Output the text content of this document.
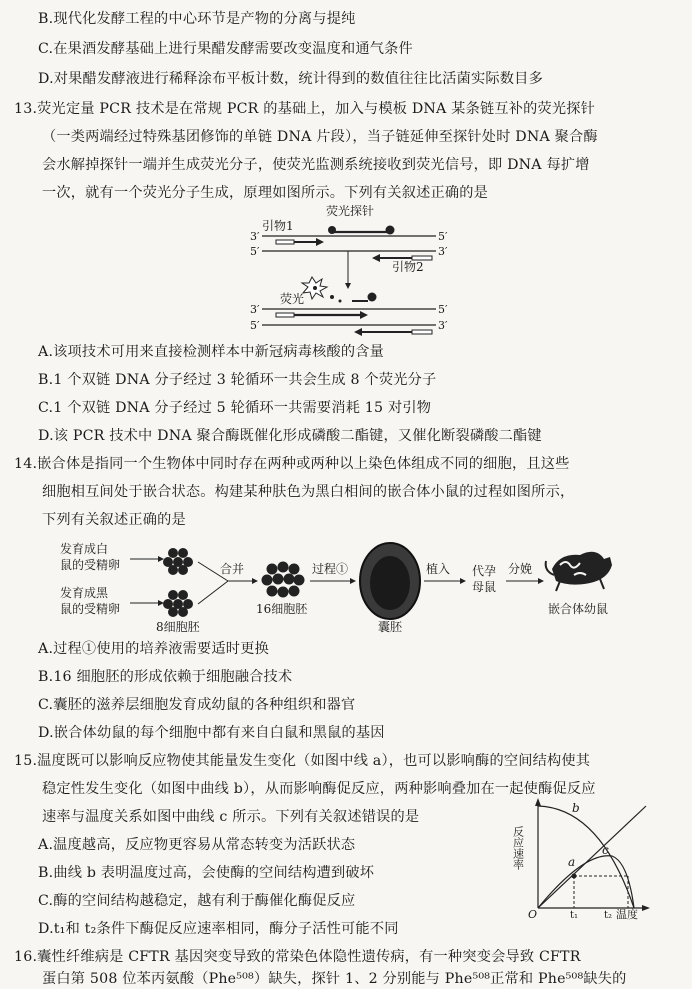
B.现代化发酵工程的中心环节是产物的分离与提纯
C.在果酒发酵基础上进行果醋发酵需要改变温度和通气条件
D.对果醋发酵液进行稀释涂布平板计数，统计得到的数值往往比活菌实际数目多
13.荧光定量 PCR 技术是在常规 PCR 的基础上，加入与模板 DNA 某条链互补的荧光探针
（一类两端经过特殊基团修饰的单链 DNA 片段），当子链延伸至探针处时 DNA 聚合酶
会水解掉探针一端并生成荧光分子，使荧光监测系统接收到荧光信号，即 DNA 每扩增
一次，就有一个荧光分子生成，原理如图所示。下列有关叙述正确的是
荧光探针
引物1
3′	5′
5′	3′
引物2
荧光
3′	5′
5′	3′
A.该项技术可用来直接检测样本中新冠病毒核酸的含量
B.1 个双链 DNA 分子经过 3 轮循环一共会生成 8 个荧光分子
C.1 个双链 DNA 分子经过 5 轮循环一共需要消耗 15 对引物
D.该 PCR 技术中 DNA 聚合酶既催化形成磷酸二酯键，又催化断裂磷酸二酯键
14.嵌合体是指同一个生物体中同时存在两种或两种以上染色体组成不同的细胞，且这些
细胞相互间处于嵌合状态。构建某种肤色为黑白相间的嵌合体小鼠的过程如图所示，
下列有关叙述正确的是
发育成白
鼠的受精卵
发育成黑
鼠的受精卵
8细胞胚
合并
16细胞胚
过程①
囊胚
植入 代孕
母鼠
分娩
嵌合体幼鼠
A.过程①使用的培养液需要适时更换
B.16 细胞胚的形成依赖于细胞融合技术
C.囊胚的滋养层细胞发育成幼鼠的各种组织和器官
D.嵌合体幼鼠的每个细胞中都有来自白鼠和黑鼠的基因
15.温度既可以影响反应物使其能量发生变化（如图中线 a），也可以影响酶的空间结构使其
稳定性发生变化（如图中曲线 b），从而影响酶促反应，两种影响叠加在一起使酶促反应
速率与温度关系如图中曲线 c 所示。下列有关叙述错误的是
A.温度越高，反应物更容易从常态转变为活跃状态
B.曲线 b 表明温度过高，会使酶的空间结构遭到破坏
C.酶的空间结构越稳定，越有利于酶催化酶促反应
D.t₁和 t₂条件下酶促反应速率相同，酶分子活性可能不同
反应速率
温度
O
a
b
c
t₁	t₂
16.囊性纤维病是 CFTR 基因突变导致的常染色体隐性遗传病，有一种突变会导致 CFTR
蛋白第 508 位苯丙氨酸（Phe⁵⁰⁸）缺失，探针 1、2 分别能与 Phe⁵⁰⁸正常和 Phe⁵⁰⁸缺失的
